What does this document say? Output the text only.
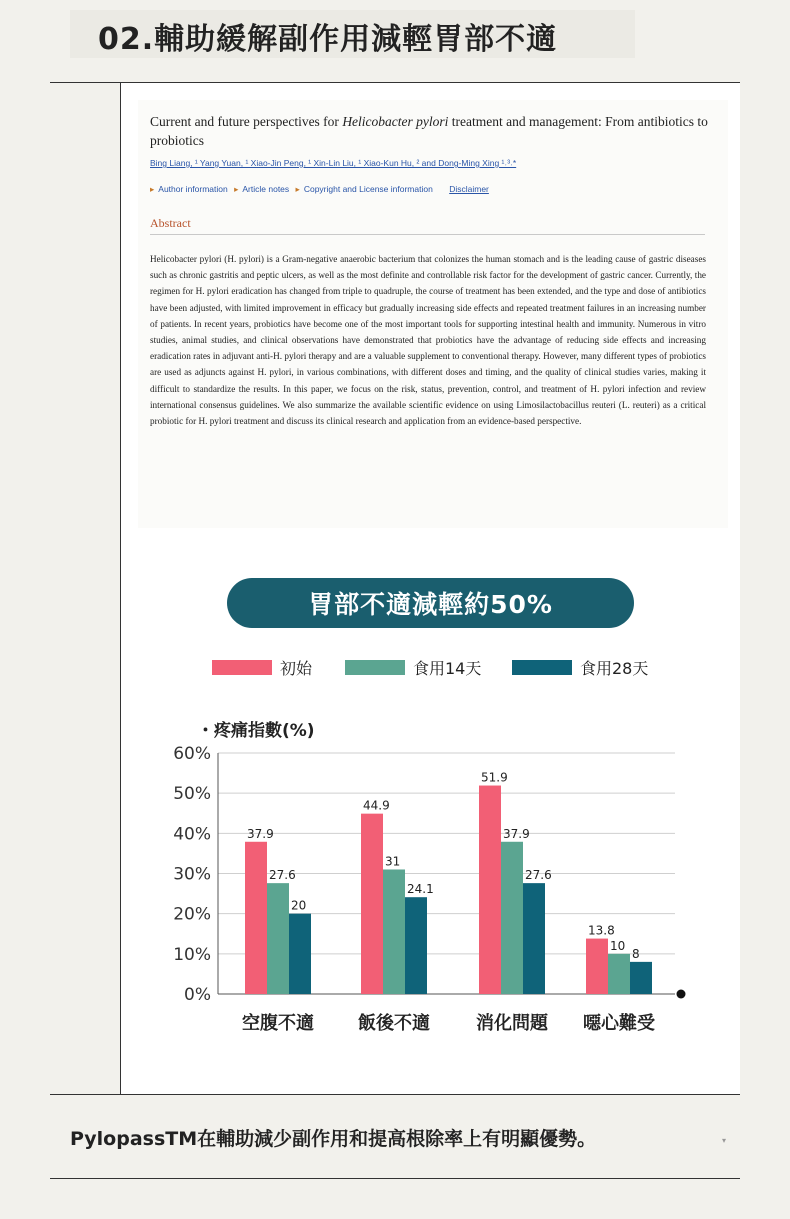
02.輔助緩解副作用減輕胃部不適
Current and future perspectives for Helicobacter pylori treatment and management: From antibiotics to probiotics
Bing Liang, ¹ Yang Yuan, ¹ Xiao-Jin Peng, ¹ Xin-Lin Liu, ¹ Xiao-Kun Hu, ² and Dong-Ming Xing ¹˒³˒*
▸ Author information ▸ Article notes ▸ Copyright and License information Disclaimer
Abstract

Helicobacter pylori (H. pylori) is a Gram-negative anaerobic bacterium that colonizes the human stomach and is the leading cause of gastric diseases such as chronic gastritis and peptic ulcers, as well as the most definite and controllable risk factor for the development of gastric cancer. Currently, the regimen for H. pylori eradication has changed from triple to quadruple, the course of treatment has been extended, and the type and dose of antibiotics have been adjusted, with limited improvement in efficacy but gradually increasing side effects and repeated treatment failures in an increasing number of patients. In recent years, probiotics have become one of the most important tools for supporting intestinal health and immunity. Numerous in vitro studies, animal studies, and clinical observations have demonstrated that probiotics have the advantage of reducing side effects and increasing eradication rates in adjuvant anti-H. pylori therapy and are a valuable supplement to conventional therapy. However, many different types of probiotics are used as adjuncts against H. pylori, in various combinations, with different doses and timing, and the quality of clinical studies varies, making it difficult to standardize the results. In this paper, we focus on the risk, status, prevention, control, and treatment of H. pylori infection and review international consensus guidelines. We also summarize the available scientific evidence on using Limosilactobacillus reuteri (L. reuteri) as a critical probiotic for H. pylori treatment and discuss its clinical research and application from an evidence-based perspective.

胃部不適減輕約50%
初始	食用14天	食用28天
・疼痛指數(%)
0%
10%
20%
30%
40%
50%
60%
37.9
27.6
20
44.9
31
24.1
51.9
37.9
27.6
13.8
10
8
空腹不適 飯後不適	消化問題 噁心難受
PylopassTM在輔助減少副作用和提高根除率上有明顯優勢。	▾
